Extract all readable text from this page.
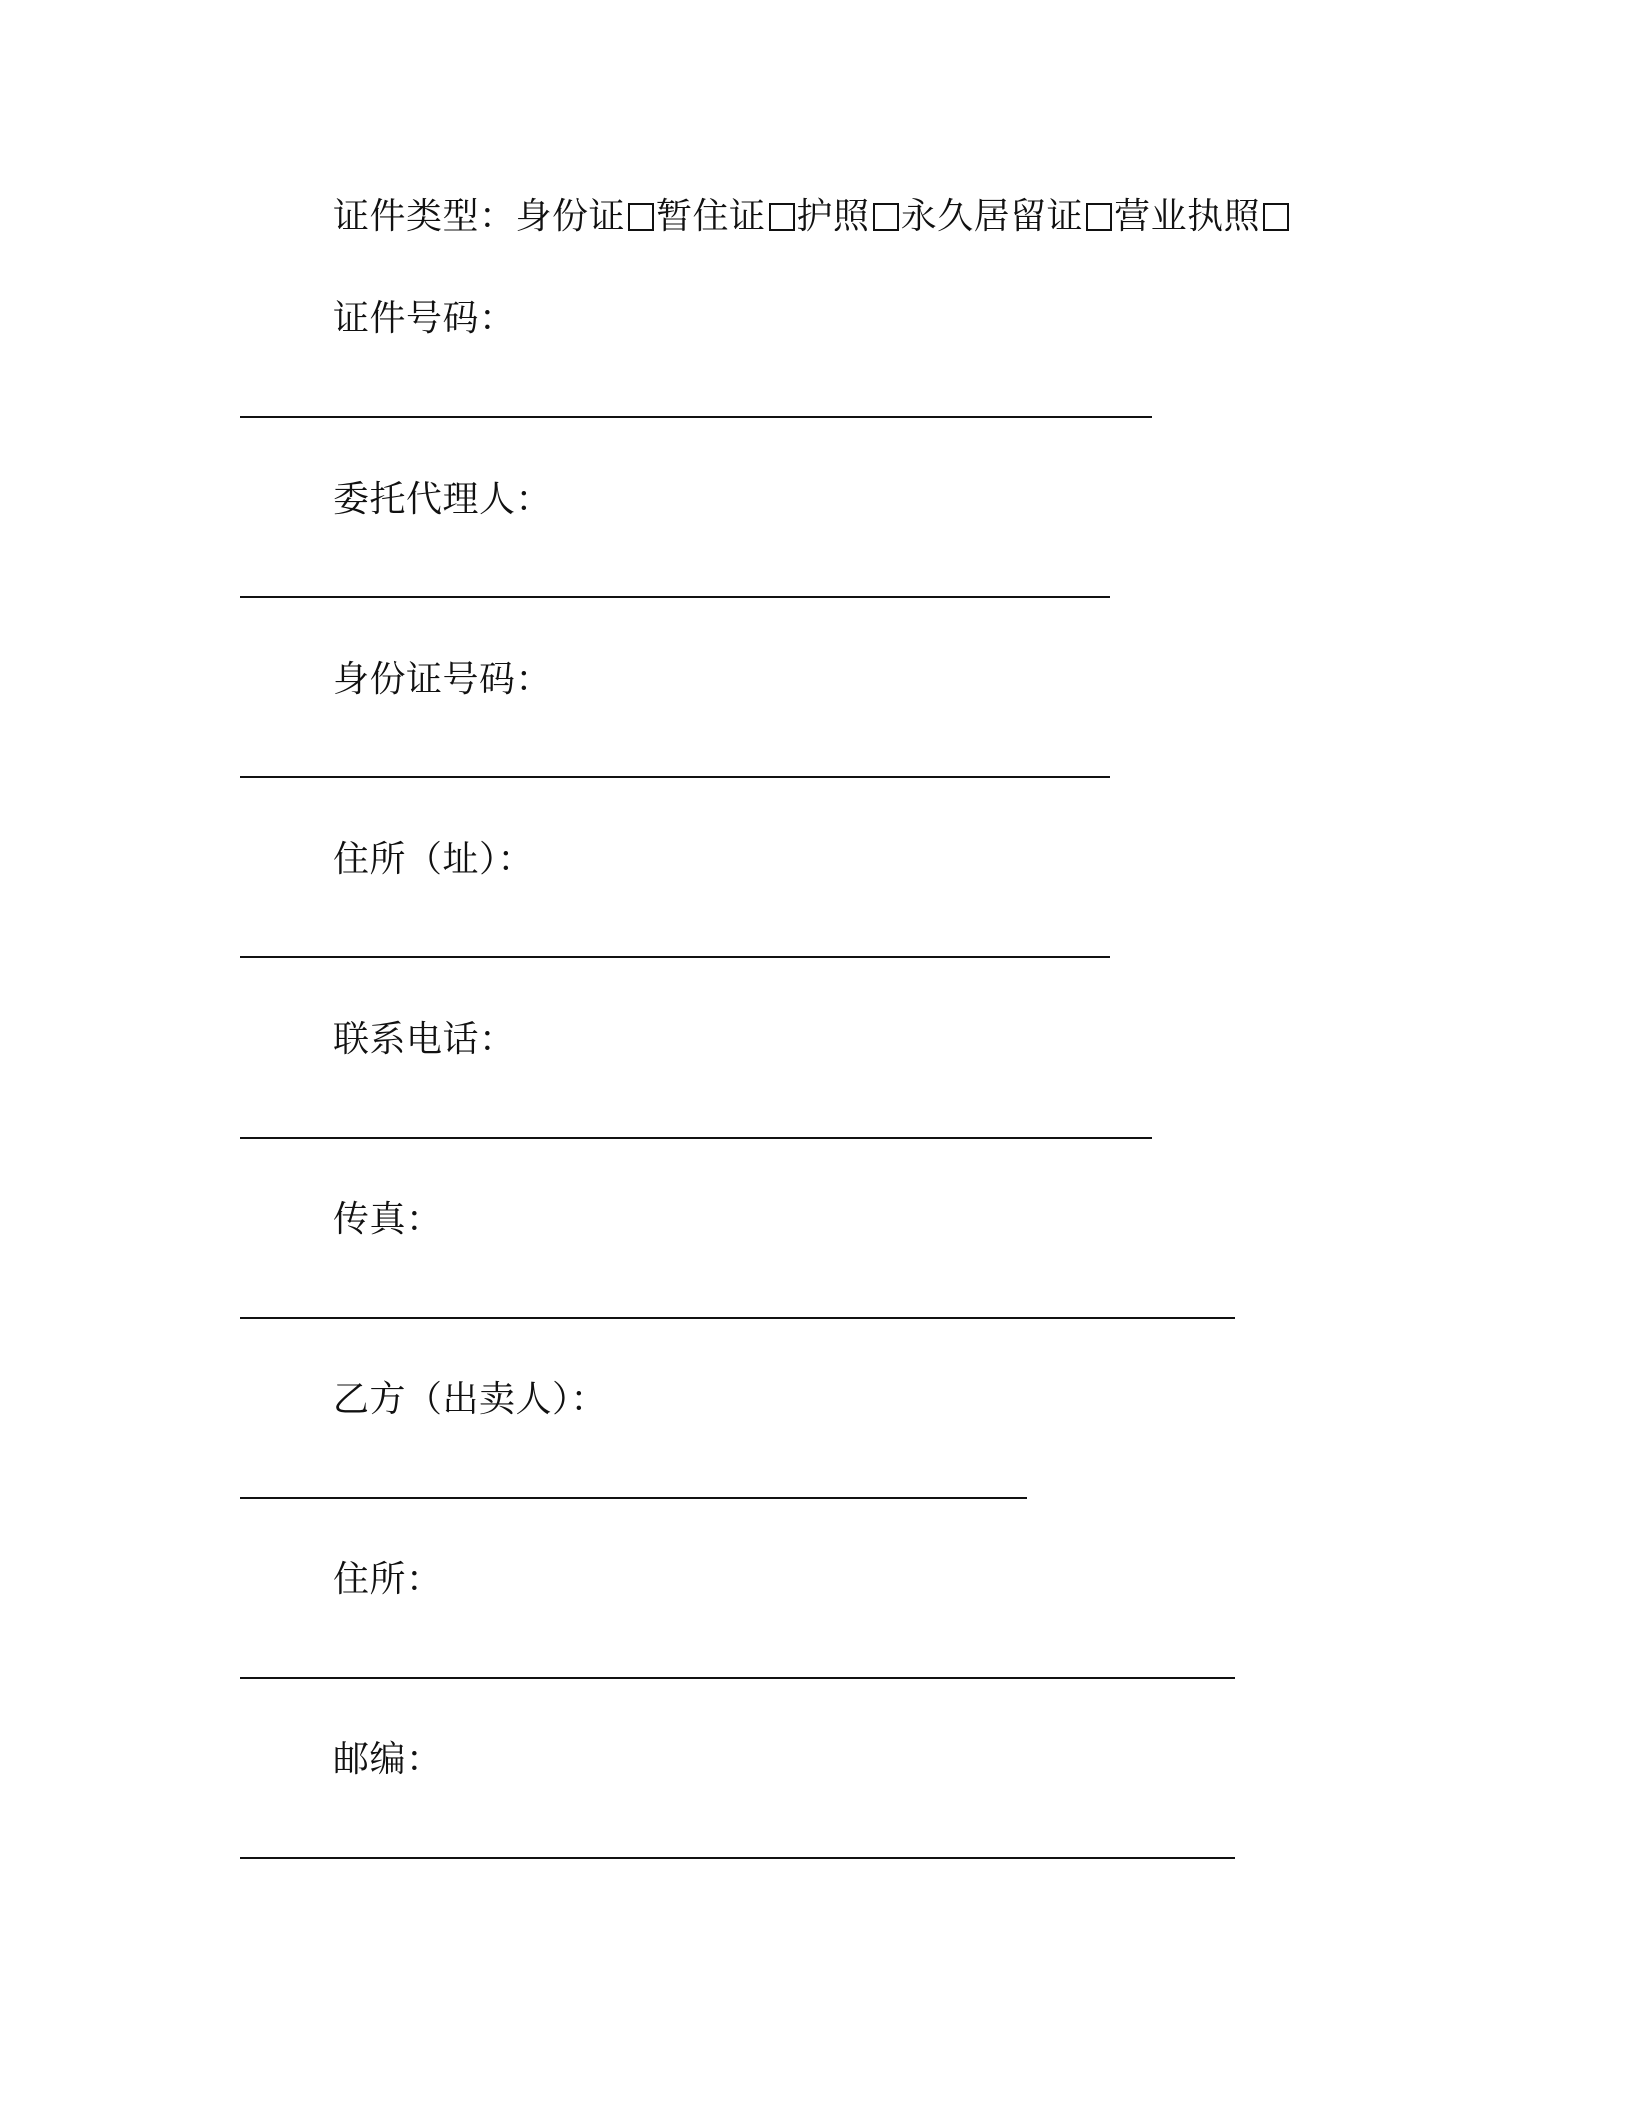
证件类型：身份证 暂住证 护照 永久居留证 营业执照
证件号码：
委托代理人：
身份证号码：
住所（址）：
联系电话：
传真：
乙方（出卖人）：
住所：
邮编：
